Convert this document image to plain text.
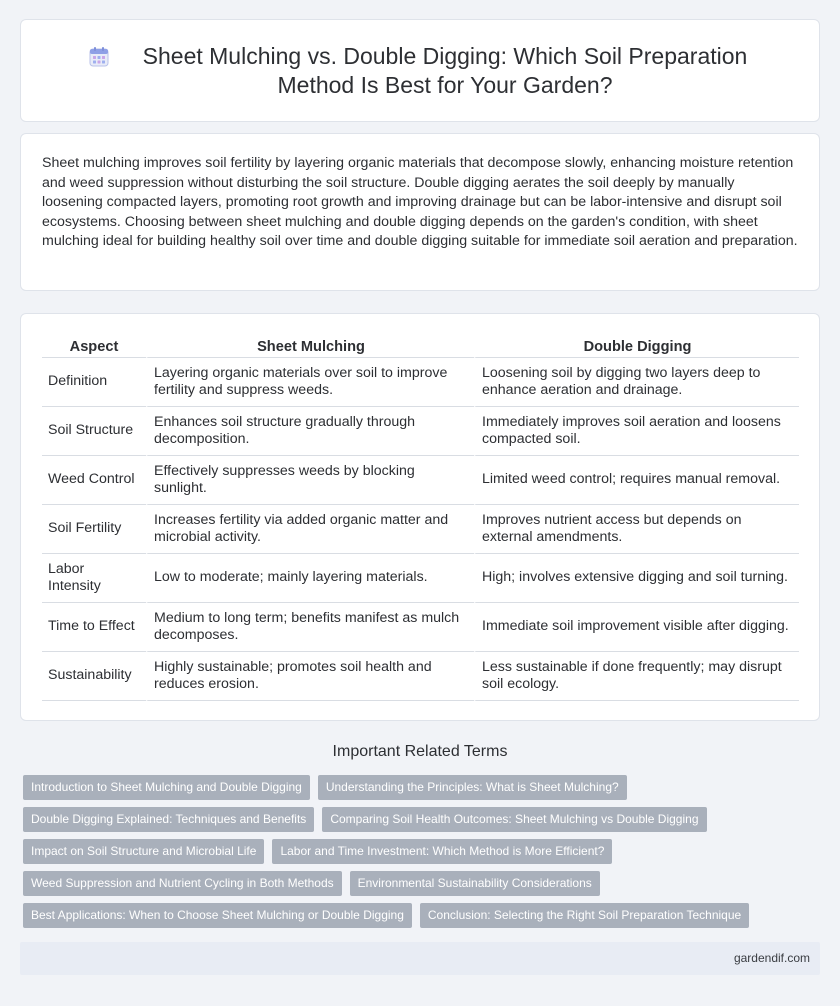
Sheet Mulching vs. Double Digging: Which Soil Preparation Method Is Best for Your Garden?

Sheet mulching improves soil fertility by layering organic materials that decompose slowly, enhancing moisture retention and weed suppression without disturbing the soil structure. Double digging aerates the soil deeply by manually loosening compacted layers, promoting root growth and improving drainage but can be labor-intensive and disrupt soil ecosystems. Choosing between sheet mulching and double digging depends on the garden's condition, with sheet mulching ideal for building healthy soil over time and double digging suitable for immediate soil aeration and preparation.

Aspect	Sheet Mulching	Double Digging
Definition	Layering organic materials over soil to improve fertility and suppress weeds.	Loosening soil by digging two layers deep to enhance aeration and drainage.
Soil Structure	Enhances soil structure gradually through decomposition.	Immediately improves soil aeration and loosens compacted soil.
Weed Control	Effectively suppresses weeds by blocking sunlight.	Limited weed control; requires manual removal.
Soil Fertility	Increases fertility via added organic matter and microbial activity.	Improves nutrient access but depends on external amendments.
Labor Intensity	Low to moderate; mainly layering materials.	High; involves extensive digging and soil turning.
Time to Effect	Medium to long term; benefits manifest as mulch decomposes.	Immediate soil improvement visible after digging.
Sustainability	Highly sustainable; promotes soil health and reduces erosion.	Less sustainable if done frequently; may disrupt soil ecology.
Important Related Terms
Introduction to Sheet Mulching and Double Digging	Understanding the Principles: What is Sheet Mulching?
Double Digging Explained: Techniques and Benefits	Comparing Soil Health Outcomes: Sheet Mulching vs Double Digging
Impact on Soil Structure and Microbial Life	Labor and Time Investment: Which Method is More Efficient?
Weed Suppression and Nutrient Cycling in Both Methods	Environmental Sustainability Considerations
Best Applications: When to Choose Sheet Mulching or Double Digging	Conclusion: Selecting the Right Soil Preparation Technique
gardendif.com
